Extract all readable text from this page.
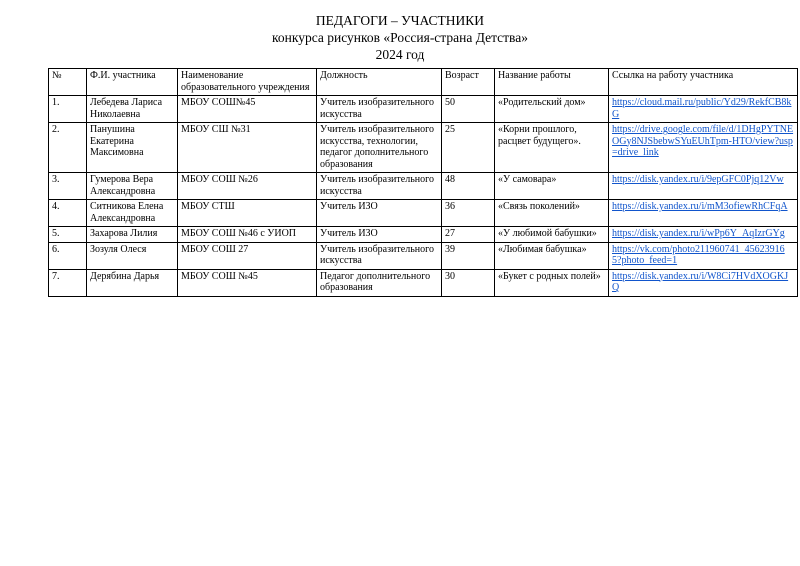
ПЕДАГОГИ – УЧАСТНИКИ
конкурса рисунков «Россия-страна Детства»
2024 год
№	Ф.И. участника	Наименование образовательного учреждения	Должность	Возраст	Название работы	Ссылка на работу участника
1.	Лебедева Лариса Николаевна	МБОУ СОШ№45	Учитель изобразительного искусства	50	«Родительский дом»	https://cloud.mail.ru/public/Yd29/RekfCB8kG
2.	Панушина Екатерина Максимовна	МБОУ СШ №31	Учитель изобразительного искусства, технологии, педагог дополнительного образования	25	«Корни прошлого, расцвет будущего».	https://drive.google.com/file/d/1DHgPYTNEOGy8NJSbebwSYuEUhTpm-HTO/view?usp=drive_link
3.	Гумерова Вера Александровна	МБОУ СОШ №26	Учитель изобразительного искусства	48	«У самовара»	https://disk.yandex.ru/i/9epGFC0Pjq12Vw
4.	Ситникова Елена Александровна	МБОУ СТШ	Учитель ИЗО	36	«Связь поколений»	https://disk.yandex.ru/i/mM3ofiewRhCFqA
5.	Захарова Лилия	МБОУ СОШ №46 с УИОП	Учитель ИЗО	27	«У любимой бабушки»	https://disk.yandex.ru/i/wPp6Y_AqIzrGYg
6.	Зозуля Олеся	МБОУ СОШ 27	Учитель изобразительного искусства	39	«Любимая бабушка»	https://vk.com/photo211960741_456239165?photo_feed=1
7.	Дерябина Дарья	МБОУ СОШ №45	Педагог дополнительного образования	30	«Букет с родных полей»	https://disk.yandex.ru/i/W8Ci7HVdXOGKJQ
